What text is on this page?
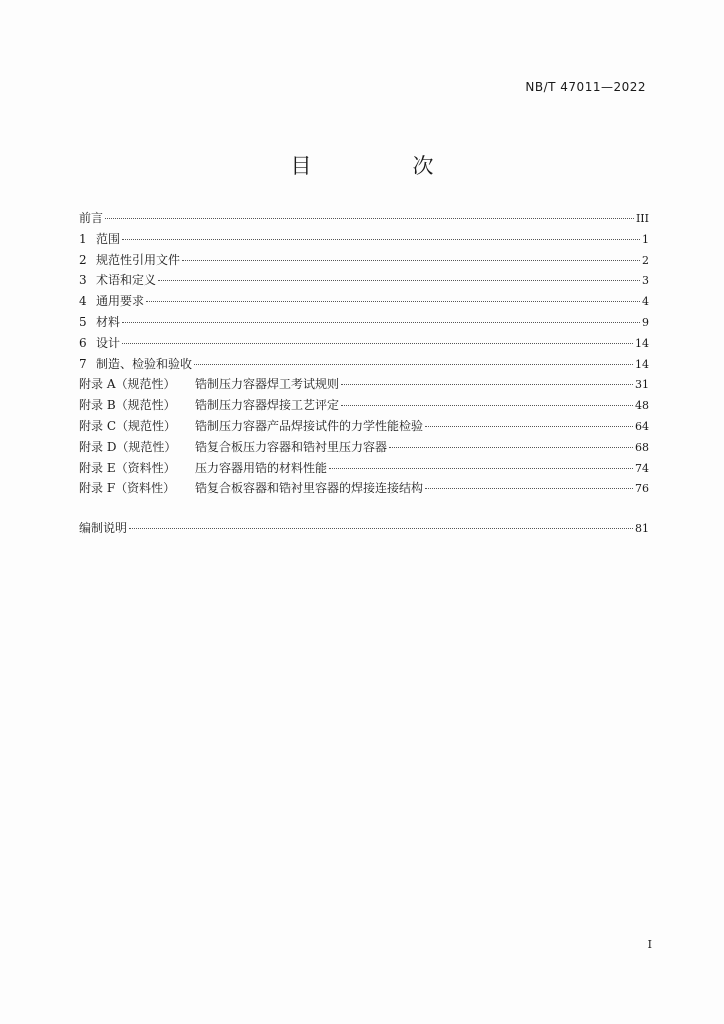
NB/T 47011—2022
目　次
前言	III
1 范围	1
2 规范性引用文件	2
3 术语和定义	3
4 通用要求	4
5 材料	9
6 设计	14
7 制造、检验和验收	14
附录 A（规范性）	锆制压力容器焊工考试规则	31
附录 B（规范性）	锆制压力容器焊接工艺评定	48
附录 C（规范性）	锆制压力容器产品焊接试件的力学性能检验	64
附录 D（规范性）	锆复合板压力容器和锆衬里压力容器	68
附录 E（资料性）	压力容器用锆的材料性能	74
附录 F（资料性）	锆复合板容器和锆衬里容器的焊接连接结构	76
编制说明	81
I
